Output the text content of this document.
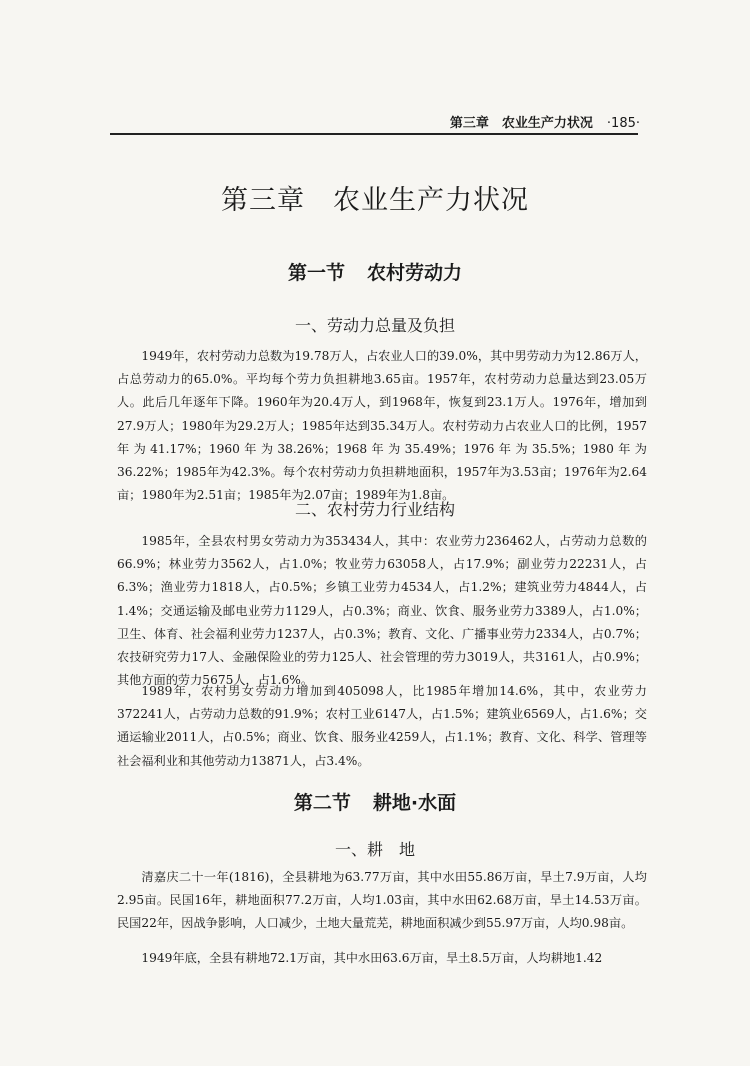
第三章　农业生产力状况 ·185·
第三章 农业生产力状况
第一节 农村劳动力
一、劳动力总量及负担
1949年，农村劳动力总数为19.78万人，占农业人口的39.0%，其中男劳动力为12.86万人，占总劳动力的65.0%。平均每个劳力负担耕地3.65亩。1957年，农村劳动力总量达到23.05万人。此后几年逐年下降。1960年为20.4万人，到1968年，恢复到23.1万人。1976年，增加到27.9万人；1980年为29.2万人；1985年达到35.34万人。农村劳动力占农业人口的比例，1957年为41.17%；1960年为38.26%；1968年为35.49%；1976年为35.5%；1980年为36.22%；1985年为42.3%。每个农村劳动力负担耕地面积，1957年为3.53亩；1976年为2.64亩；1980年为2.51亩；1985年为2.07亩；1989年为1.8亩。
二、农村劳力行业结构
1985年，全县农村男女劳动力为353434人，其中：农业劳力236462人，占劳动力总数的66.9%；林业劳力3562人，占1.0%；牧业劳力63058人，占17.9%；副业劳力22231人，占6.3%；渔业劳力1818人，占0.5%；乡镇工业劳力4534人，占1.2%；建筑业劳力4844人，占1.4%；交通运输及邮电业劳力1129人，占0.3%；商业、饮食、服务业劳力3389人，占1.0%；卫生、体育、社会福利业劳力1237人，占0.3%；教育、文化、广播事业劳力2334人，占0.7%；农技研究劳力17人、金融保险业的劳力125人、社会管理的劳力3019人，共3161人，占0.9%；其他方面的劳力5675人，占1.6%。
1989年，农村男女劳动力增加到405098人，比1985年增加14.6%，其中，农业劳力372241人，占劳动力总数的91.9%；农村工业6147人，占1.5%；建筑业6569人，占1.6%；交通运输业2011人，占0.5%；商业、饮食、服务业4259人，占1.1%；教育、文化、科学、管理等社会福利业和其他劳动力13871人，占3.4%。
第二节 耕地·水面
一、耕　地
清嘉庆二十一年(1816)，全县耕地为63.77万亩，其中水田55.86万亩，旱土7.9万亩，人均2.95亩。民国16年，耕地面积77.2万亩，人均1.03亩，其中水田62.68万亩，旱土14.53万亩。民国22年，因战争影响，人口减少，土地大量荒芜，耕地面积减少到55.97万亩，人均0.98亩。
1949年底，全县有耕地72.1万亩，其中水田63.6万亩，旱土8.5万亩，人均耕地1.42
